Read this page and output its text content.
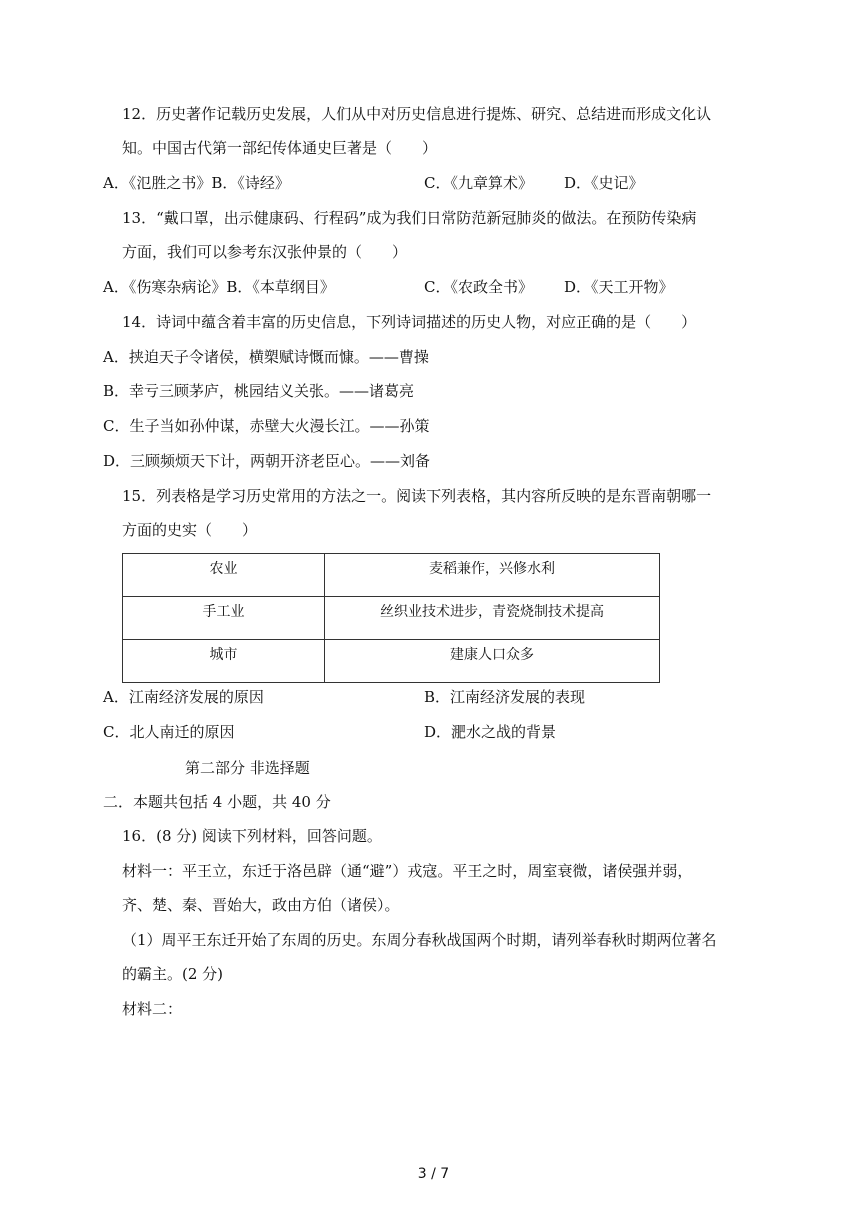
12．历史著作记载历史发展，人们从中对历史信息进行提炼、研究、总结进而形成文化认
知。中国古代第一部纪传体通史巨著是（　　）
A．《氾胜之书》B．《诗经》	C．《九章算术》 D．《史记》
13．“戴口罩，出示健康码、行程码”成为我们日常防范新冠肺炎的做法。在预防传染病
方面，我们可以参考东汉张仲景的（　　）
A．《伤寒杂病论》B．《本草纲目》	C．《农政全书》 D．《天工开物》
14．诗词中蕴含着丰富的历史信息，下列诗词描述的历史人物，对应正确的是（　　）
A．挟迫天子令诸侯，横槊赋诗慨而慷。——曹操
B．幸亏三顾茅庐，桃园结义关张。——诸葛亮
C．生子当如孙仲谋，赤壁大火漫长江。——孙策
D．三顾频烦天下计，两朝开济老臣心。——刘备
15．列表格是学习历史常用的方法之一。阅读下列表格，其内容所反映的是东晋南朝哪一
方面的史实（　　）
农业	麦稻兼作，兴修水利

手工业	丝织业技术进步，青瓷烧制技术提高

城市	建康人口众多
A．江南经济发展的原因	B．江南经济发展的表现
C．北人南迁的原因	D．淝水之战的背景
第二部分 非选择题
二．本题共包括 4 小题，共 40 分
16．(8 分) 阅读下列材料，回答问题。
材料一：平王立，东迁于洛邑辟（通“避”）戎寇。平王之时，周室衰微，诸侯强并弱，
齐、楚、秦、晋始大，政由方伯（诸侯）。
（1）周平王东迁开始了东周的历史。东周分春秋战国两个时期，请列举春秋时期两位著名
的霸主。(2 分)
材料二：
3 / 7
